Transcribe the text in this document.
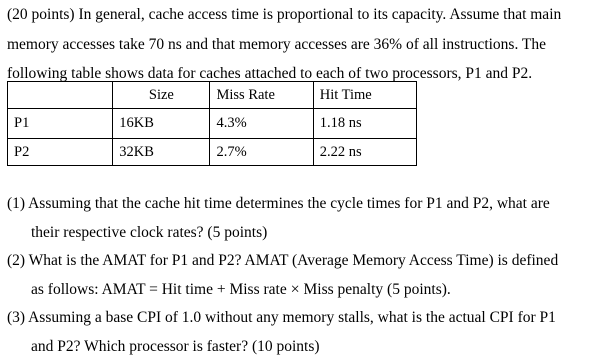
(20 points) In general, cache access time is proportional to its capacity. Assume that main
memory accesses take 70 ns and that memory accesses are 36% of all instructions. The
following table shows data for caches attached to each of two processors, P1 and P2.
	Size	Miss Rate	Hit Time
P1	16KB	4.3%	1.18 ns
P2	32KB	2.7%	2.22 ns
(1) Assuming that the cache hit time determines the cycle times for P1 and P2, what are
their respective clock rates? (5 points)
(2) What is the AMAT for P1 and P2? AMAT (Average Memory Access Time) is defined
as follows: AMAT = Hit time + Miss rate × Miss penalty (5 points).
(3) Assuming a base CPI of 1.0 without any memory stalls, what is the actual CPI for P1
and P2? Which processor is faster? (10 points)
